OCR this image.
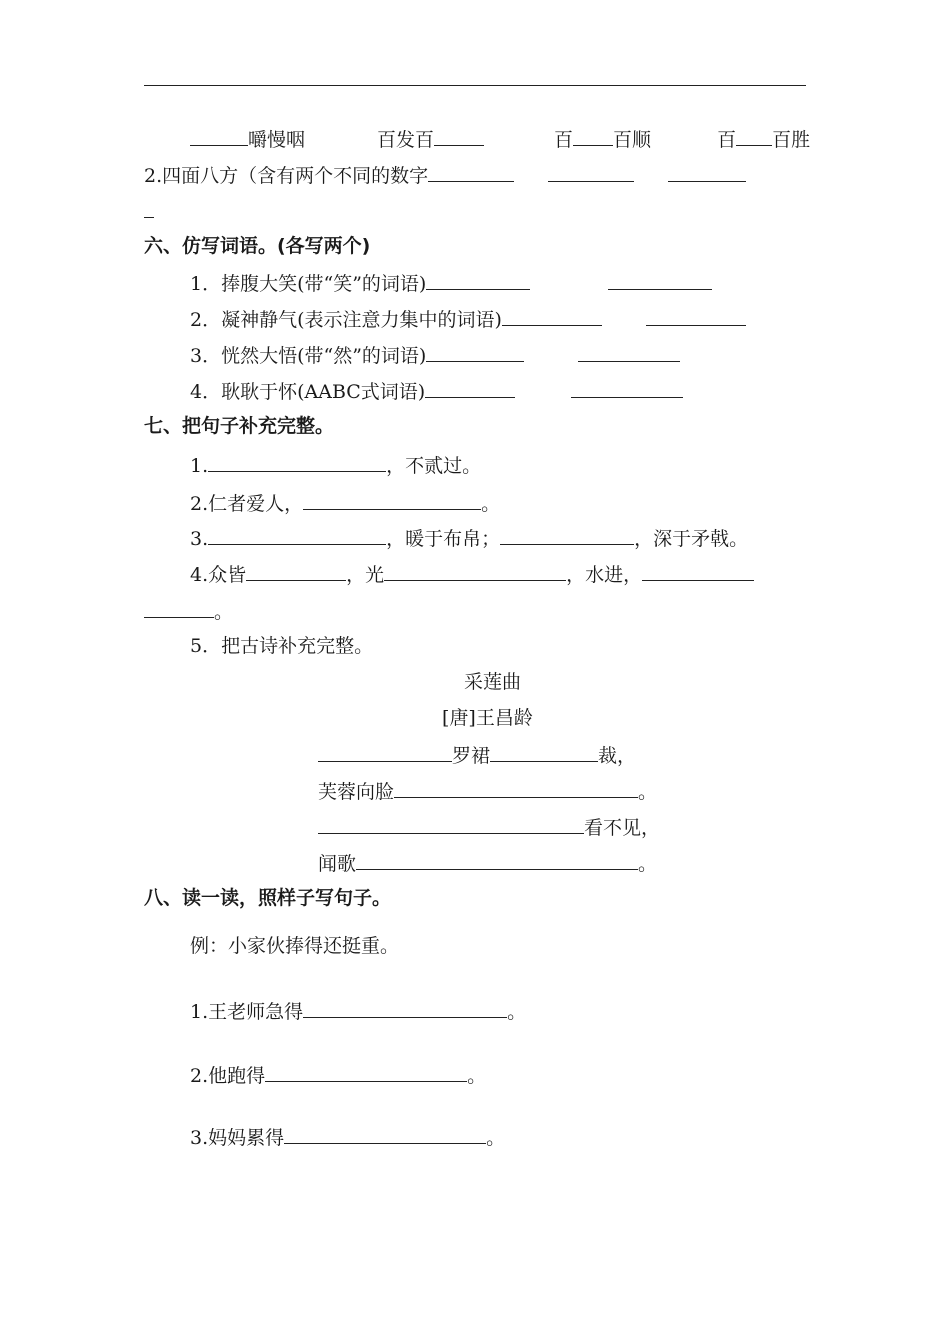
嚼慢咽	百发百	百 百顺	百 百胜
2.四面八方（含有两个不同的数字
六、仿写词语。(各写两个)
1．捧腹大笑(带“笑”的词语)
2．凝神静气(表示注意力集中的词语)
3．恍然大悟(带“然”的词语)
4．耿耿于怀(AABC式词语)
七、把句子补充完整。
1.	，不贰过。
2.仁者爱人，	。
3.	，暖于布帛；	，深于矛戟。
4.众皆	，光	，水进，
。
5．把古诗补充完整。
采莲曲
[唐]王昌龄
罗裙	裁，
芙蓉向脸	。
看不见，
闻歌	。
八、读一读，照样子写句子。
例：小家伙捧得还挺重。
1.王老师急得	。
2.他跑得	。
3.妈妈累得	。
